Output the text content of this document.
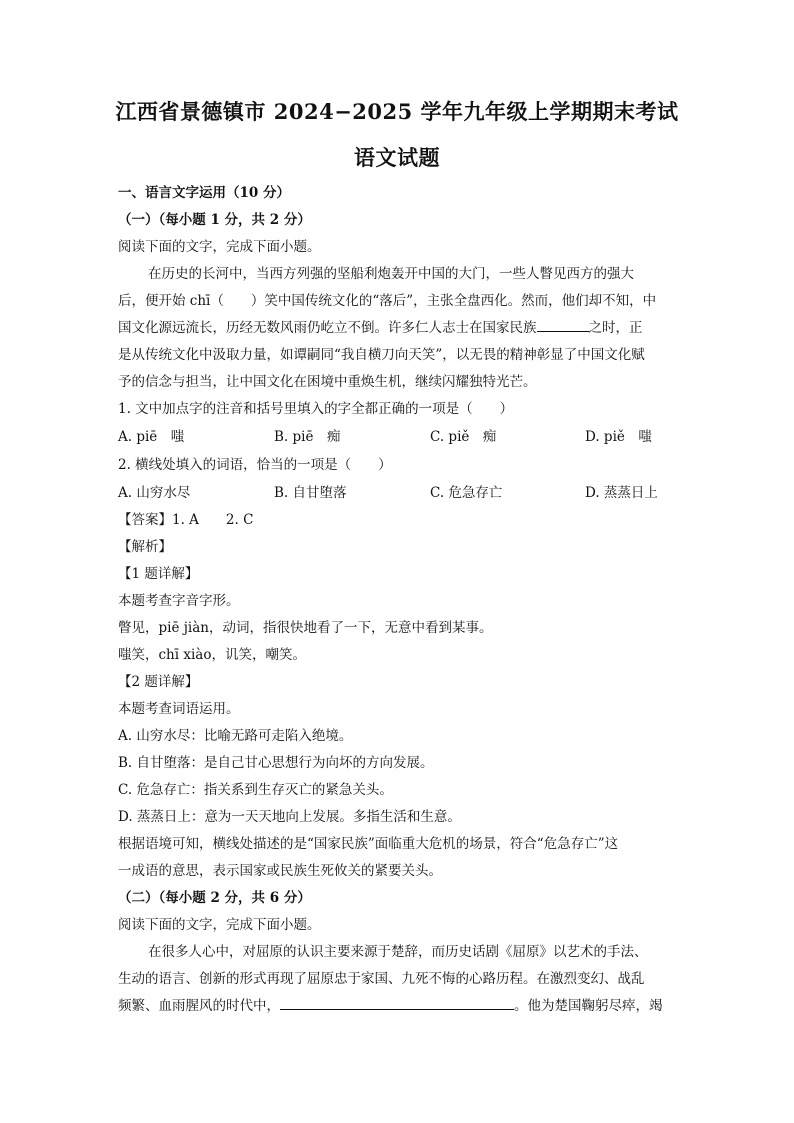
江西省景德镇市 2024−2025 学年九年级上学期期末考试
语文试题
一、语言文字运用（10 分）
（一）（每小题 1 分，共 2 分）
阅读下面的文字，完成下面小题。
在历史的长河中，当西方列强的坚船利炮轰开中国的大门，一些人瞥见西方的强大
后，便开始 chī（　　）笑中国传统文化的“落后”，主张全盘西化。然而，他们却不知，中
国文化源远流长，历经无数风雨仍屹立不倒。许多仁人志士在国家民族	之时，正
是从传统文化中汲取力量，如谭嗣同“我自横刀向天笑”，以无畏的精神彰显了中国文化赋
予的信念与担当，让中国文化在困境中重焕生机，继续闪耀独特光芒。
1. 文中加点字的注音和括号里填入的字全都正确的一项是（　　）
A. piē　嗤	B. piē　痴	C. piě　痴	D. piě　嗤
2. 横线处填入的词语，恰当的一项是（　　）
A. 山穷水尽	B. 自甘堕落	C. 危急存亡	D. 蒸蒸日上
【答案】1. A　　2. C
【解析】
【1 题详解】
本题考查字音字形。
瞥见，piē jiàn，动词，指很快地看了一下，无意中看到某事。
嗤笑，chī xiào，讥笑，嘲笑。
【2 题详解】
本题考查词语运用。
A. 山穷水尽：比喻无路可走陷入绝境。
B. 自甘堕落：是自己甘心思想行为向坏的方向发展。
C. 危急存亡：指关系到生存灭亡的紧急关头。
D. 蒸蒸日上：意为一天天地向上发展。多指生活和生意。
根据语境可知，横线处描述的是“国家民族”面临重大危机的场景，符合“危急存亡”这
一成语的意思，表示国家或民族生死攸关的紧要关头。
（二）（每小题 2 分，共 6 分）
阅读下面的文字，完成下面小题。
在很多人心中，对屈原的认识主要来源于楚辞，而历史话剧《屈原》以艺术的手法、
生动的语言、创新的形式再现了屈原忠于家国、九死不悔的心路历程。在激烈变幻、战乱
频繁、血雨腥风的时代中，	。他为楚国鞠躬尽瘁，竭
